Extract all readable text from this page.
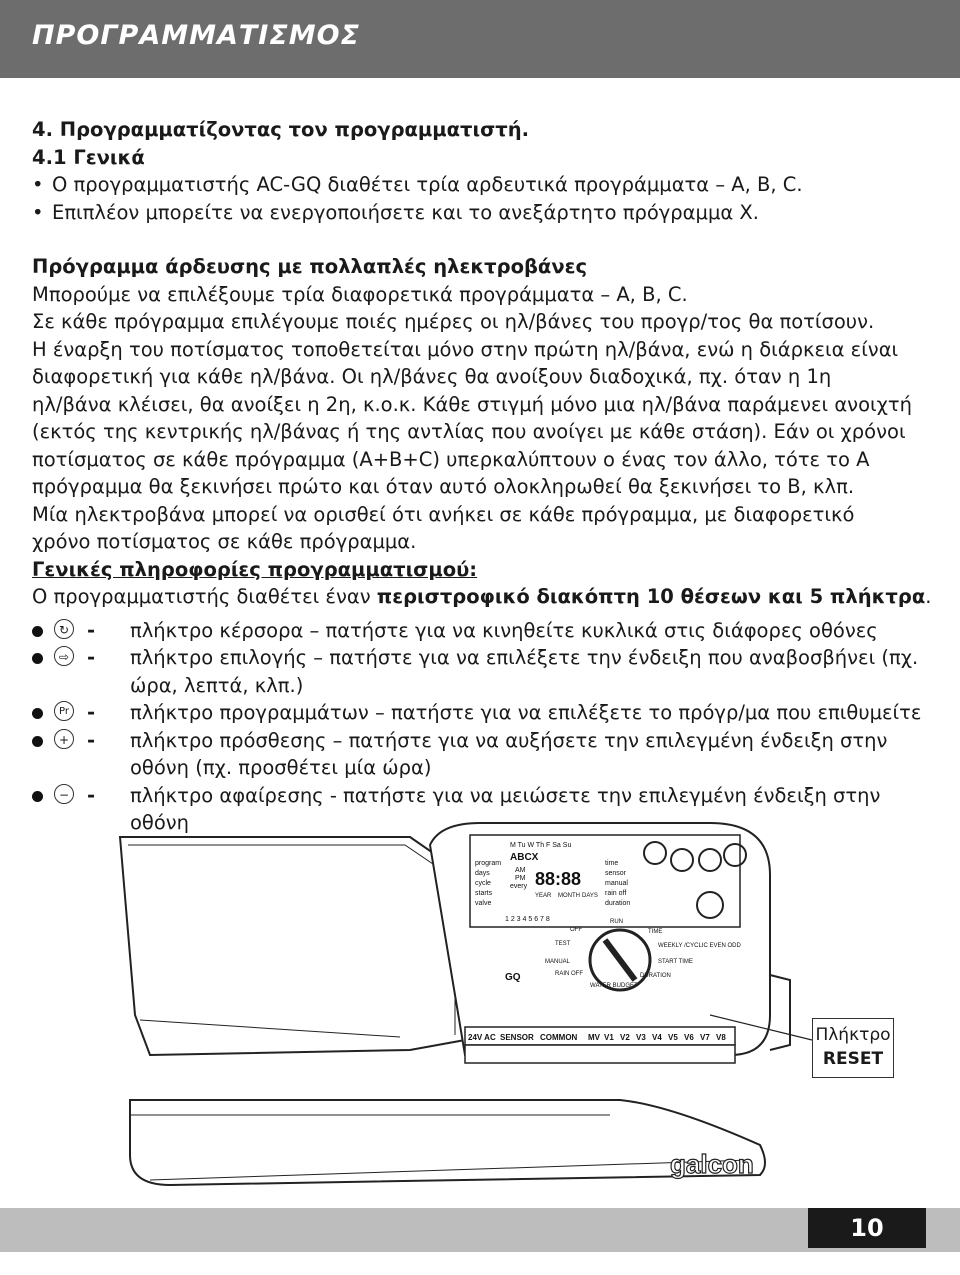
ΠΡΟΓΡΑΜΜΑΤΙΣΜΟΣ

4. Προγραμματίζοντας τον προγραμματιστή.

4.1 Γενικά

• Ο προγραμματιστής AC-GQ διαθέτει τρία αρδευτικά προγράμματα – A, B, C.

• Επιπλέον μπορείτε να ενεργοποιήσετε και το ανεξάρτητο πρόγραμμα X.

Πρόγραμμα άρδευσης με πολλαπλές ηλεκτροβάνες

Μπορούμε να επιλέξουμε τρία διαφορετικά προγράμματα – A, B, C.

Σε κάθε πρόγραμμα επιλέγουμε ποιές ημέρες οι ηλ/βάνες του προγρ/τος θα ποτίσουν.

Η έναρξη του ποτίσματος τοποθετείται μόνο στην πρώτη ηλ/βάνα, ενώ η διάρκεια είναι

διαφορετική για κάθε ηλ/βάνα. Οι ηλ/βάνες θα ανοίξουν διαδοχικά, πχ. όταν η 1η

ηλ/βάνα κλέισει, θα ανοίξει η 2η, κ.ο.κ. Κάθε στιγμή μόνο μια ηλ/βάνα παράμενει ανοιχτή

(εκτός της κεντρικής ηλ/βάνας ή της αντλίας που ανοίγει με κάθε στάση). Εάν οι χρόνοι

ποτίσματος σε κάθε πρόγραμμα (A+B+C) υπερκαλύπτουν ο ένας τον άλλο, τότε το A

πρόγραμμα θα ξεκινήσει πρώτο και όταν αυτό ολοκληρωθεί θα ξεκινήσει το B, κλπ.

Μία ηλεκτροβάνα μπορεί να ορισθεί ότι ανήκει σε κάθε πρόγραμμα, με διαφορετικό

χρόνο ποτίσματος σε κάθε πρόγραμμα.

Γενικές πληροφορίες προγραμματισμού:

Ο προγραμματιστής διαθέτει έναν περιστροφικό διακόπτη 10 θέσεων και 5 πλήκτρα.

↻ - πλήκτρο κέρσορα – πατήστε για να κινηθείτε κυκλικά στις διάφορες οθόνες
⇨ - πλήκτρο επιλογής – πατήστε για να επιλέξετε την ένδειξη που αναβοσβήνει (πχ.
ώρα, λεπτά, κλπ.)
Pr - πλήκτρο προγραμμάτων – πατήστε για να επιλέξετε το πρόγρ/μα που επιθυμείτε
+ - πλήκτρο πρόσθεσης – πατήστε για να αυξήσετε την επιλεγμένη ένδειξη στην
οθόνη (πχ. προσθέτει μία ώρα)
− - πλήκτρο αφαίρεσης - πατήστε για να μειώσετε την επιλεγμένη ένδειξη στην οθόνη
program
days
cycle
starts
valve
time
sensor
manual
rain off
duration
M Tu W Th F Sa Su
ABCX
AM
PM
every 88:88
YEAR MONTH DAYS
1 2 3 4 5 6 7 8	RUN
TIME
WEEKLY /CYCLIC EVEN ODD
START TIME
DURATION
WATER BUDGET
RAIN OFF
MANUAL
TEST
OFF
GQ
24V AC SENSOR COMMON MV V1 V2 V3 V4 V5 V6 V7 V8
galcon
Πλήκτρο
RESET
10
